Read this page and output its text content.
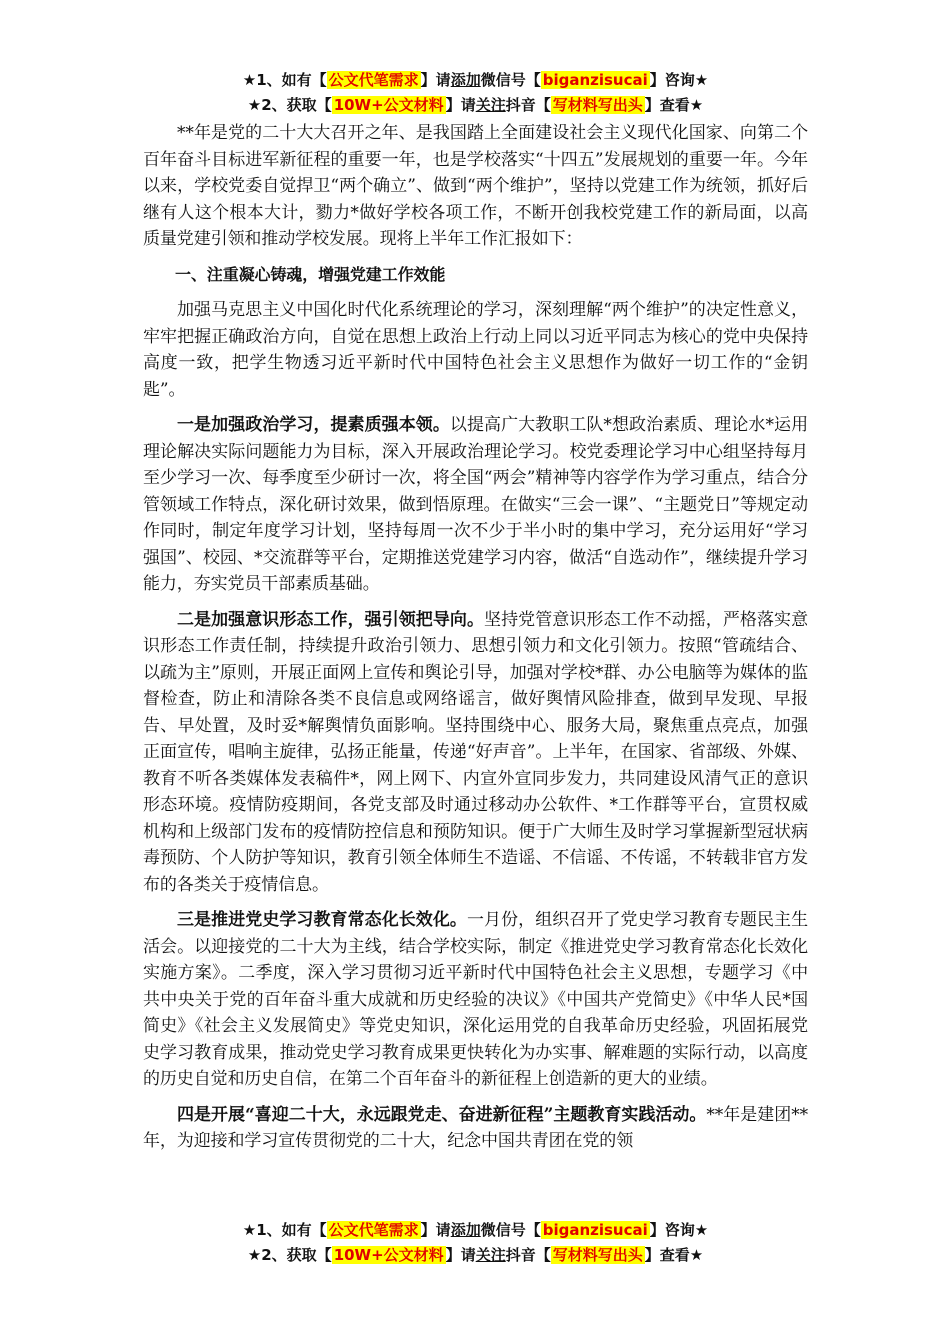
★1、如有【 公文代笔需求 】请添加微信号【 biganzisucai 】咨询★
★2、获取【 10W+公文材料 】请关注抖音【 写材料写出头 】查看★

**年是党的二十大大召开之年、是我国踏上全面建设社会主义现代化国家、向第二个百年奋斗目标进军新征程的重要一年，也是学校落实“十四五”发展规划的重要一年。今年以来，学校党委自觉捍卫“两个确立”、做到“两个维护”，坚持以党建工作为统领，抓好后继有人这个根本大计，勠力*做好学校各项工作，不断开创我校党建工作的新局面，以高质量党建引领和推动学校发展。现将上半年工作汇报如下：

一、注重凝心铸魂，增强党建工作效能

加强马克思主义中国化时代化系统理论的学习，深刻理解“两个维护”的决定性意义，牢牢把握正确政治方向，自觉在思想上政治上行动上同以习近平同志为核心的党中央保持高度一致，把学生物透习近平新时代中国特色社会主义思想作为做好一切工作的“金钥匙”。

一是加强政治学习，提素质强本领。以提高广大教职工队*想政治素质、理论水*运用理论解决实际问题能力为目标，深入开展政治理论学习。校党委理论学习中心组坚持每月至少学习一次、每季度至少研讨一次，将全国“两会”精神等内容学作为学习重点，结合分管领域工作特点，深化研讨效果，做到悟原理。在做实“三会一课”、“主题党日”等规定动作同时，制定年度学习计划，坚持每周一次不少于半小时的集中学习，充分运用好“学习强国”、校园、*交流群等平台，定期推送党建学习内容，做活“自选动作”，继续提升学习能力，夯实党员干部素质基础。

二是加强意识形态工作，强引领把导向。坚持党管意识形态工作不动摇，严格落实意识形态工作责任制，持续提升政治引领力、思想引领力和文化引领力。按照“管疏结合、以疏为主”原则，开展正面网上宣传和舆论引导，加强对学校*群、办公电脑等为媒体的监督检查，防止和清除各类不良信息或网络谣言，做好舆情风险排查，做到早发现、早报告、早处置，及时妥*解舆情负面影响。坚持围绕中心、服务大局，聚焦重点亮点，加强正面宣传，唱响主旋律，弘扬正能量，传递“好声音”。上半年，在国家、省部级、外媒、教育不听各类媒体发表稿件*，网上网下、内宣外宣同步发力，共同建设风清气正的意识形态环境。疫情防疫期间，各党支部及时通过移动办公软件、*工作群等平台，宣贯权威机构和上级部门发布的疫情防控信息和预防知识。便于广大师生及时学习掌握新型冠状病毒预防、个人防护等知识，教育引领全体师生不造谣、不信谣、不传谣，不转载非官方发布的各类关于疫情信息。

三是推进党史学习教育常态化长效化。一月份，组织召开了党史学习教育专题民主生活会。以迎接党的二十大为主线，结合学校实际，制定《推进党史学习教育常态化长效化实施方案》。二季度，深入学习贯彻习近平新时代中国特色社会主义思想，专题学习《中共中央关于党的百年奋斗重大成就和历史经验的决议》《中国共产党简史》《中华人民*国简史》《社会主义发展简史》等党史知识，深化运用党的自我革命历史经验，巩固拓展党史学习教育成果，推动党史学习教育成果更快转化为办实事、解难题的实际行动，以高度的历史自觉和历史自信，在第二个百年奋斗的新征程上创造新的更大的业绩。

四是开展“喜迎二十大，永远跟党走、奋进新征程”主题教育实践活动。**年是建团**年，为迎接和学习宣传贯彻党的二十大，纪念中国共青团在党的领

★1、如有【 公文代笔需求 】请添加微信号【 biganzisucai 】咨询★
★2、获取【 10W+公文材料 】请关注抖音【 写材料写出头 】查看★
